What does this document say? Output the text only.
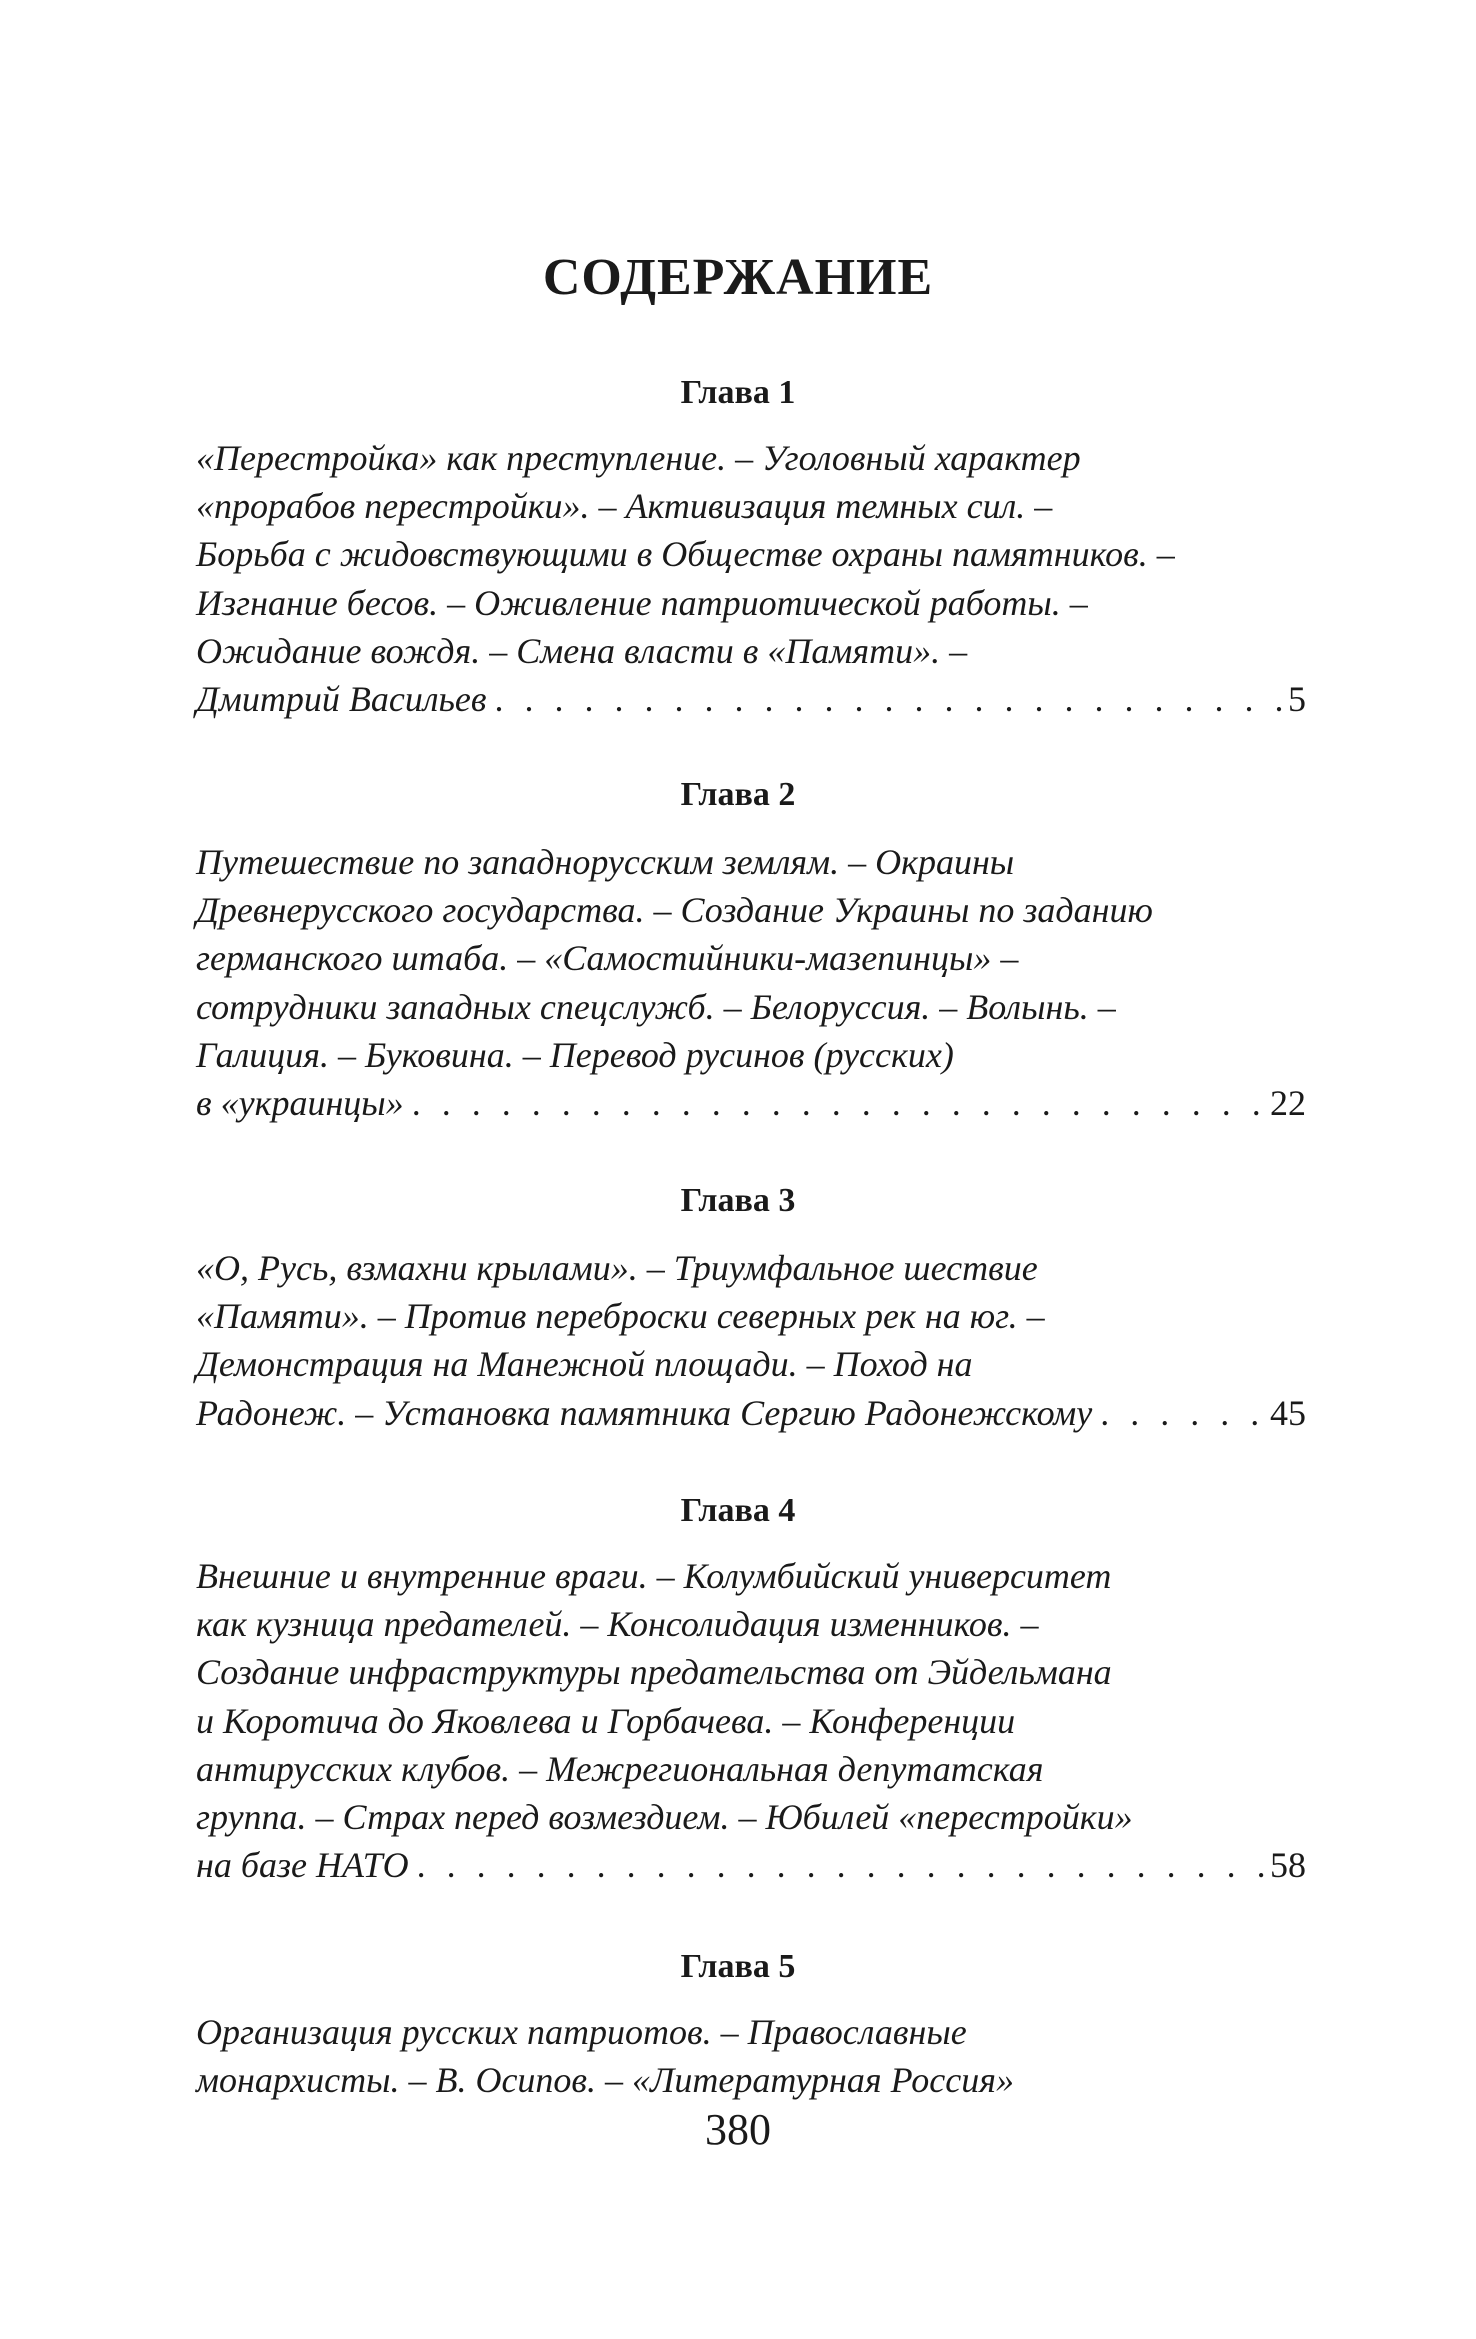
СОДЕРЖАНИЕ
Глава 1
«Перестройка» как преступление. – Уголовный характер
«прорабов перестройки». – Активизация темных сил. –
Борьба с жидовствующими в Обществе охраны памятников. –
Изгнание бесов. – Оживление патриотической работы. –
Ожидание вождя. – Смена власти в «Памяти». –
Дмитрий Васильев . . .	5
Глава 2
Путешествие по западнорусским землям. – Окраины
Древнерусского государства. – Создание Украины по заданию
германского штаба. – «Самостийники-мазепинцы» –
сотрудники западных спецслужб. – Белоруссия. – Волынь. –
Галиция. – Буковина. – Перевод русинов (русских)
в «украинцы» . . .	22
Глава 3
«О, Русь, взмахни крылами». – Триумфальное шествие
«Памяти». – Против переброски северных рек на юг. –
Демонстрация на Манежной площади. – Поход на
Радонеж. – Установка памятника Сергию Радонежскому . . .	45
Глава 4
Внешние и внутренние враги. – Колумбийский университет
как кузница предателей. – Консолидация изменников. –
Создание инфраструктуры предательства от Эйдельмана
и Коротича до Яковлева и Горбачева. – Конференции
антирусских клубов. – Межрегиональная депутатская
группа. – Страх перед возмездием. – Юбилей «перестройки»
на базе НАТО . . .	58
Глава 5
Организация русских патриотов. – Православные
монархисты. – В. Осипов. – «Литературная Россия»
380
